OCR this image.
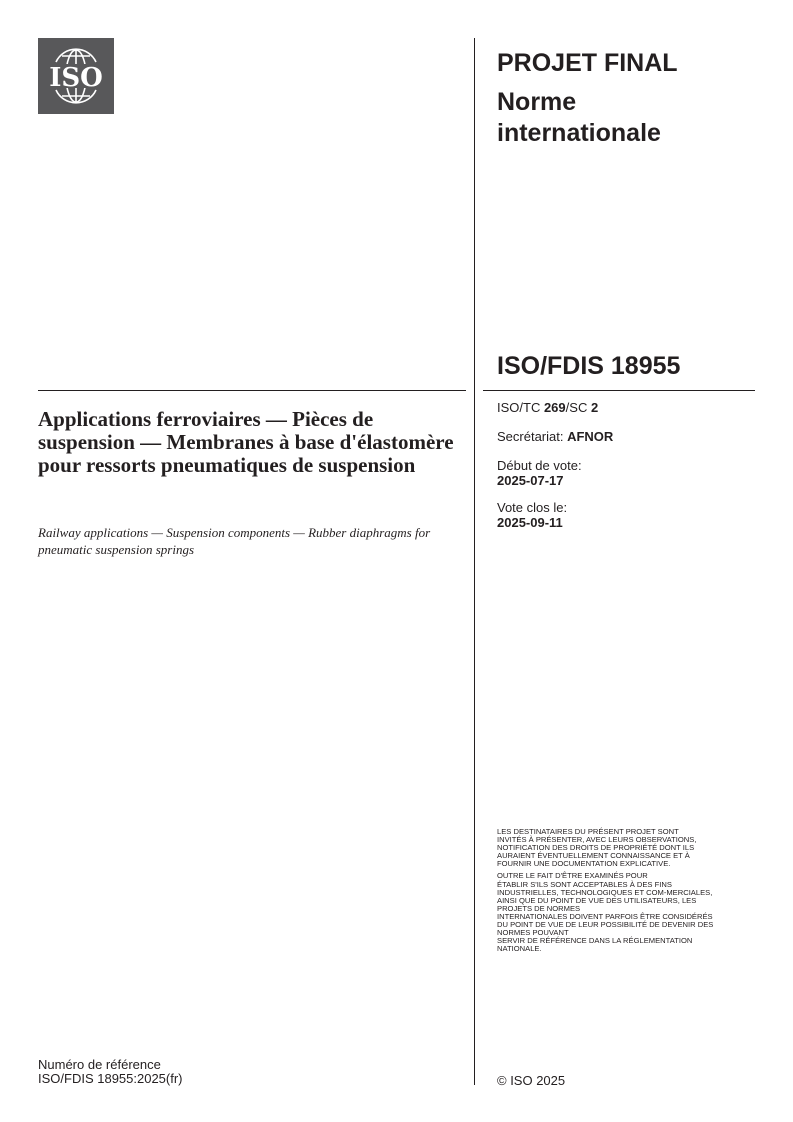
ISO	PROJET FINAL
Norme
internationale
ISO/FDIS 18955
Applications ferroviaires — Pièces de suspension — Membranes à base d'élastomère pour ressorts pneumatiques de suspension
Railway applications — Suspension components — Rubber diaphragms for pneumatic suspension springs
ISO/TC 269/SC 2
Secrétariat: AFNOR
Début de vote:
2025-07-17
Vote clos le:
2025-09-11
LES DESTINATAIRES DU PRÉSENT PROJET SONT
INVITÉS À PRÉSENTER, AVEC LEURS OBSERVATIONS,
NOTIFICATION DES DROITS DE PROPRIÉTÉ DONT ILS
AURAIENT ÉVENTUELLEMENT CONNAISSANCE ET À
FOURNIR UNE DOCUMENTATION EXPLICATIVE.
OUTRE LE FAIT D'ÊTRE EXAMINÉS POUR
ÉTABLIR S'ILS SONT ACCEPTABLES À DES FINS
INDUSTRIELLES, TECHNOLOGIQUES ET COM-MERCIALES,
AINSI QUE DU POINT DE VUE DES UTILISATEURS, LES
PROJETS DE NORMES
INTERNATIONALES DOIVENT PARFOIS ÊTRE CONSIDÉRÉS
DU POINT DE VUE DE LEUR POSSIBILITÉ DE DEVENIR DES
NORMES POUVANT
SERVIR DE RÉFÉRENCE DANS LA RÉGLEMENTATION
NATIONALE.
Numéro de référence
ISO/FDIS 18955:2025(fr)	© ISO 2025
